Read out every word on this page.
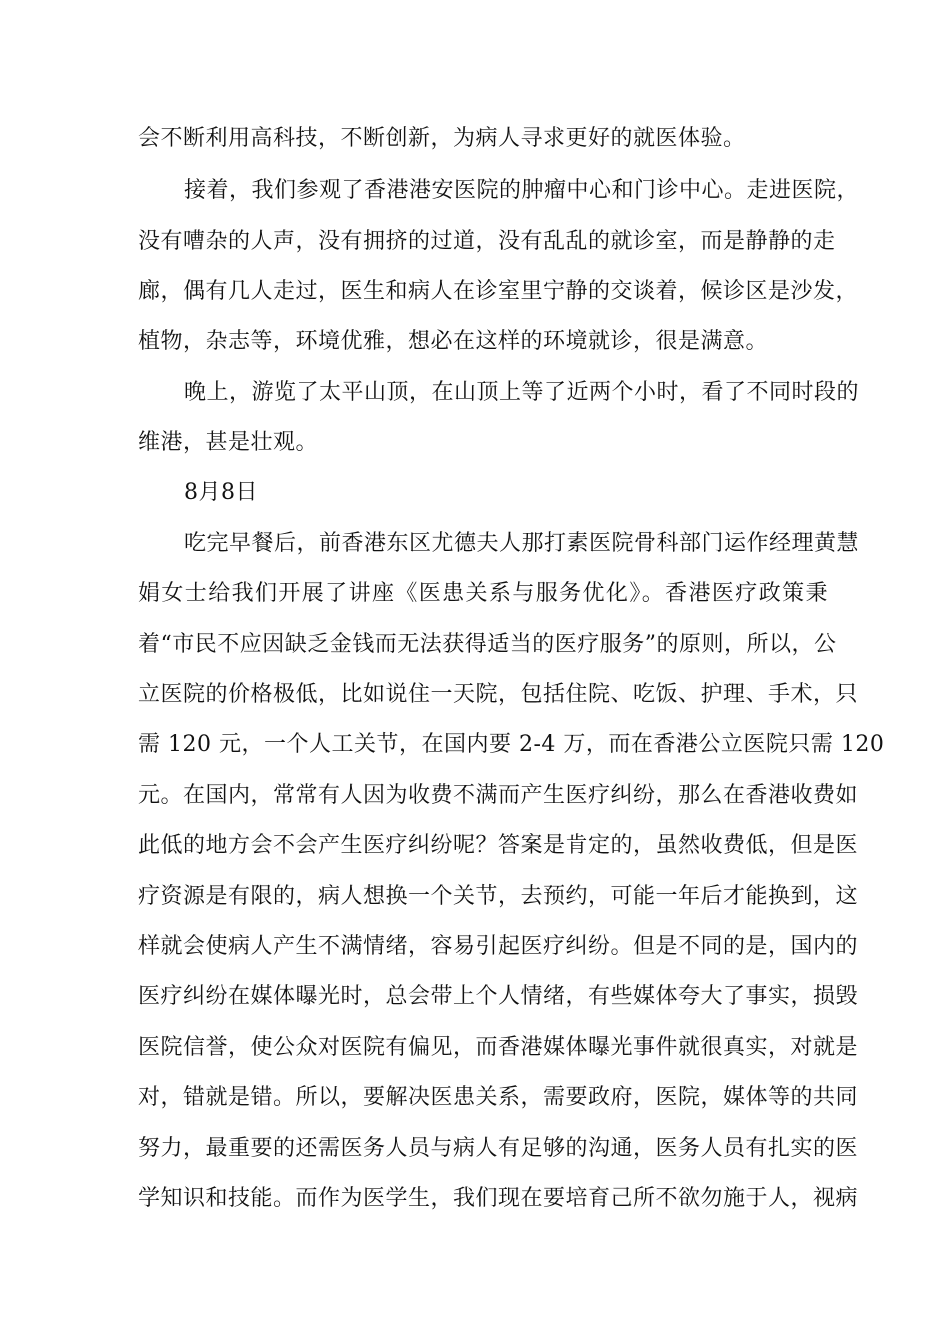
会不断利用高科技，不断创新，为病人寻求更好的就医体验。
接着，我们参观了香港港安医院的肿瘤中心和门诊中心。走进医院，
没有嘈杂的人声，没有拥挤的过道，没有乱乱的就诊室，而是静静的走
廊，偶有几人走过，医生和病人在诊室里宁静的交谈着，候诊区是沙发，
植物，杂志等，环境优雅，想必在这样的环境就诊，很是满意。
晚上，游览了太平山顶，在山顶上等了近两个小时，看了不同时段的
维港，甚是壮观。
8月8日
吃完早餐后，前香港东区尤德夫人那打素医院骨科部门运作经理黄慧
娟女士给我们开展了讲座《医患关系与服务优化》。香港医疗政策秉
着“市民不应因缺乏金钱而无法获得适当的医疗服务”的原则，所以，公
立医院的价格极低，比如说住一天院，包括住院、吃饭、护理、手术，只
需 120 元，一个人工关节，在国内要 2-4 万，而在香港公立医院只需 120
元。在国内，常常有人因为收费不满而产生医疗纠纷，那么在香港收费如
此低的地方会不会产生医疗纠纷呢？答案是肯定的，虽然收费低，但是医
疗资源是有限的，病人想换一个关节，去预约，可能一年后才能换到，这
样就会使病人产生不满情绪，容易引起医疗纠纷。但是不同的是，国内的
医疗纠纷在媒体曝光时，总会带上个人情绪，有些媒体夸大了事实，损毁
医院信誉，使公众对医院有偏见，而香港媒体曝光事件就很真实，对就是
对，错就是错。所以，要解决医患关系，需要政府，医院，媒体等的共同
努力，最重要的还需医务人员与病人有足够的沟通，医务人员有扎实的医
学知识和技能。而作为医学生，我们现在要培育己所不欲勿施于人，视病
